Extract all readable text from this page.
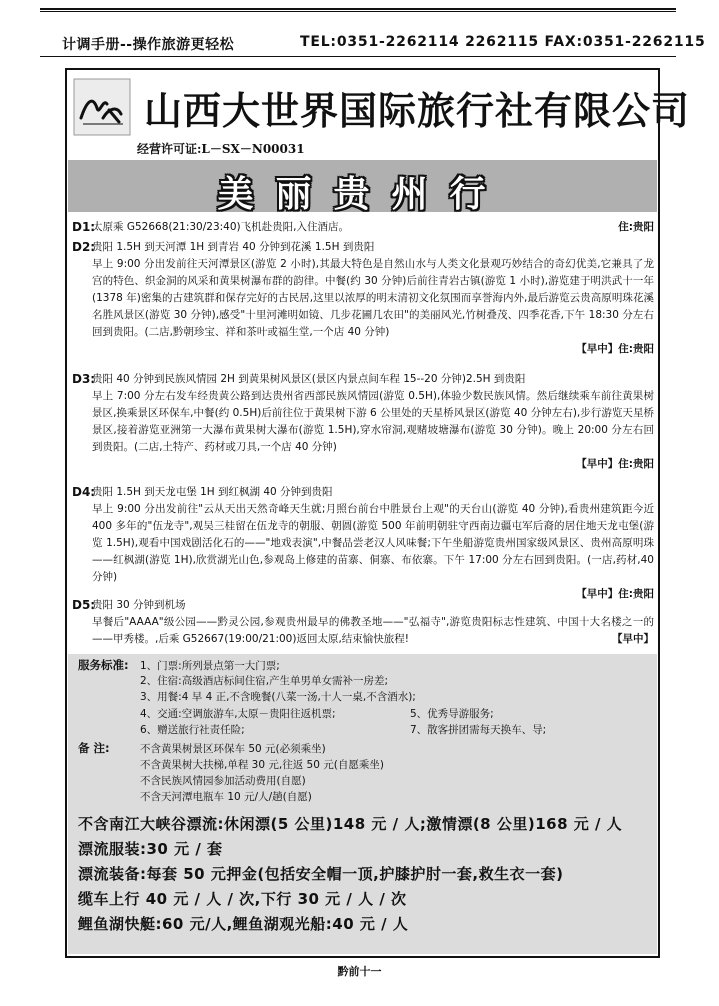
计调手册--操作旅游更轻松	TEL:0351-2262114 2262115 FAX:0351-2262115
山西大世界国际旅行社有限公司
经营许可证:L－SX－N00031
美丽贵州行
D1:
太原乘 G52668(21:30/23:40)飞机赴贵阳,入住酒店。	住:贵阳
D2:
贵阳 1.5H 到天河潭 1H 到青岩 40 分钟到花溪 1.5H 到贵阳
早上 9:00 分出发前往天河潭景区(游览 2 小时),其最大特色是自然山水与人类文化景观巧妙结合的奇幻优美,它兼具了龙宫的特色、织金洞的风采和黄果树瀑布群的韵律。中餐(约 30 分钟)后前往青岩古镇(游览 1 小时),游览建于明洪武十一年(1378 年)密集的古建筑群和保存完好的古民居,这里以浓厚的明末清初文化氛围而享誉海内外,最后游览云贵高原明珠花溪名胜风景区(游览 30 分钟),感受"十里河滩明如镜、几步花圃几农田"的美丽风光,竹树叠茂、四季花香,下午 18:30 分左右回到贵阳。(二店,黔朝珍宝、祥和茶叶或福生堂,一个店 40 分钟)
【早中】住:贵阳
D3:
贵阳 40 分钟到民族风情园 2H 到黄果树风景区(景区内景点间车程 15--20 分钟)2.5H 到贵阳
早上 7:00 分左右发车经贵黄公路到达贵州省西部民族风情园(游览 0.5H),体验少数民族风情。然后继续乘车前往黄果树景区,换乘景区环保车,中餐(约 0.5H)后前往位于黄果树下游 6 公里处的天星桥风景区(游览 40 分钟左右),步行游览天星桥景区,接着游览亚洲第一大瀑布黄果树大瀑布(游览 1.5H),穿水帘洞,观赌坡塘瀑布(游览 30 分钟)。晚上 20:00 分左右回到贵阳。(二店,土特产、药材或刀具,一个店 40 分钟)
【早中】住:贵阳
D4:
贵阳 1.5H 到天龙屯堡 1H 到红枫湖 40 分钟到贵阳
早上 9:00 分出发前往"云从天出天然奇峰天生就;月照台前台中胜景台上观"的天台山(游览 40 分钟),看贵州建筑距今近 400 多年的"伍龙寺",观吴三桂留在伍龙寺的朝服、朝圆(游览 500 年前明朝驻守西南边疆屯军后裔的居住地天龙屯堡(游览 1.5H),观看中国戏剧活化石的——"地戏表演",中餐品尝老汉人风味餐;下午坐船游览贵州国家级风景区、贵州高原明珠——红枫湖(游览 1H),欣赏湖光山色,参观岛上修建的苗寨、侗寨、布依寨。下午 17:00 分左右回到贵阳。(一店,药材,40 分钟)
【早中】住:贵阳
D5:
贵阳 30 分钟到机场
早餐后"AAAA"级公园——黔灵公园,参观贵州最早的佛教圣地——"弘福寺",游览贵阳标志性建筑、中国十大名楼之一的——甲秀楼。,后乘 G52667(19:00/21:00)返回太原,结束愉快旅程!	【早中】
服务标准: 1、门票:所列景点第一大门票;
2、住宿:高级酒店标间住宿,产生单男单女需补一房差;
3、用餐:4 早 4 正,不含晚餐(八菜一汤,十人一桌,不含酒水);
4、交通:空调旅游车,太原－贵阳往返机票;	5、优秀导游服务;
6、赠送旅行社责任险;	7、散客拼团需每天换车、导;
备 注:	不含黄果树景区环保车 50 元(必须乘坐)
不含黄果树大扶梯,单程 30 元,往返 50 元(自愿乘坐)
不含民族风情园参加活动费用(自愿)
不含天河潭电瓶车 10 元/人/趟(自愿)
不含南江大峡谷漂流:休闲漂(5 公里)148 元 / 人;激情漂(8 公里)168 元 / 人
漂流服装:30 元 / 套
漂流装备:每套 50 元押金(包括安全帽一顶,护膝护肘一套,救生衣一套)
缆车上行 40 元 / 人 / 次,下行 30 元 / 人 / 次
鲤鱼湖快艇:60 元/人,鲤鱼湖观光船:40 元 / 人
黔前十一
